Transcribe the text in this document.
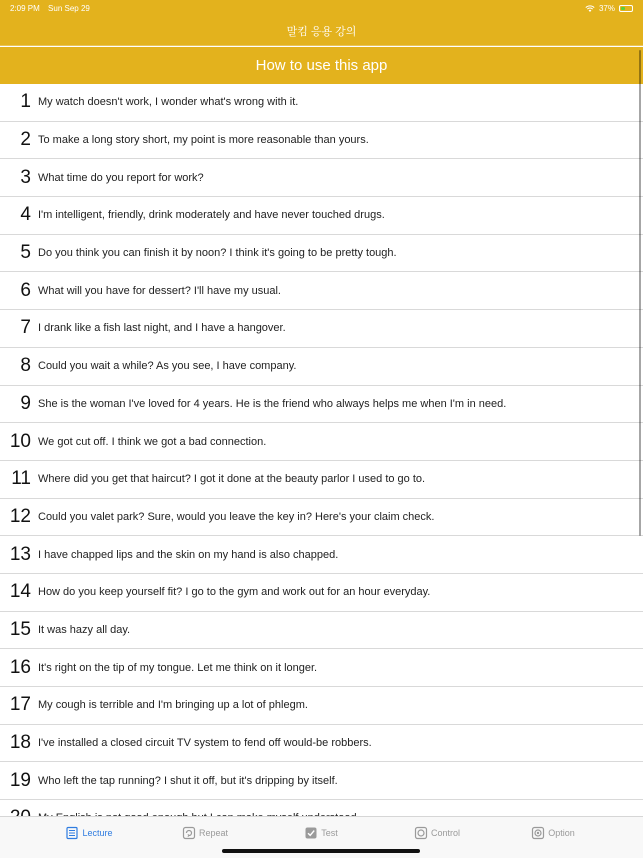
2:09 PM Sun Sep 29	37%
말킴 응용 강의
How to use this app
1 My watch doesn't work, I wonder what's wrong with it.
2 To make a long story short, my point is more reasonable than yours.
3 What time do you report for work?
4 I'm intelligent, friendly, drink moderately and have never touched drugs.
5 Do you think you can finish it by noon? I think it's going to be pretty tough.
6 What will you have for dessert? I'll have my usual.
7 I drank like a fish last night, and I have a hangover.
8 Could you wait a while? As you see, I have company.
9 She is the woman I've loved for 4 years. He is the friend who always helps me when I'm in need.
10 We got cut off. I think we got a bad connection.
11 Where did you get that haircut? I got it done at the beauty parlor I used to go to.
12 Could you valet park? Sure, would you leave the key in? Here's your claim check.
13 I have chapped lips and the skin on my hand is also chapped.
14 How do you keep yourself fit? I go to the gym and work out for an hour everyday.
15 It was hazy all day.
16 It's right on the tip of my tongue. Let me think on it longer.
17 My cough is terrible and I'm bringing up a lot of phlegm.
18 I've installed a closed circuit TV system to fend off would-be robbers.
19 Who left the tap running? I shut it off, but it's dripping by itself.
Lecture	Repeat	Test	Control	Option
